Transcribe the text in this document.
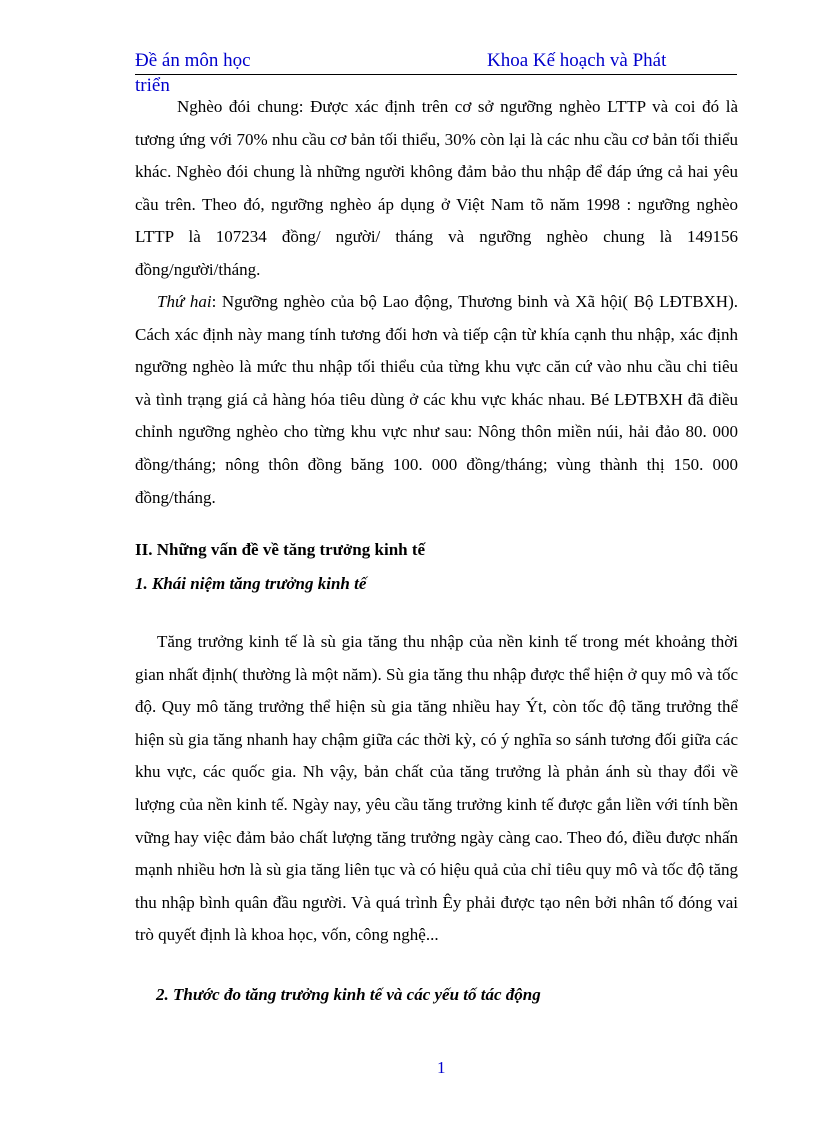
Đề án môn học	Khoa Kế hoạch và Phát
triển

Nghèo đói chung: Được xác định trên cơ sở ngưỡng nghèo LTTP và coi đó là tương ứng với 70% nhu cầu cơ bản tối thiểu, 30% còn lại là các nhu cầu cơ bản tối thiểu khác. Nghèo đói chung là những người không đảm bảo thu nhập để đáp ứng cả hai yêu cầu trên. Theo đó, ngưỡng nghèo áp dụng ở Việt Nam tõ năm 1998 : ngưỡng nghèo LTTP là 107234 đồng/ người/ tháng và ngưỡng nghèo chung là 149156 đồng/người/tháng.

Thứ hai: Ngưỡng nghèo của bộ Lao động, Thương binh và Xã hội( Bộ LĐTBXH). Cách xác định này mang tính tương đối hơn và tiếp cận từ khía cạnh thu nhập, xác định ngưỡng nghèo là mức thu nhập tối thiểu của từng khu vực căn cứ vào nhu cầu chi tiêu và tình trạng giá cả hàng hóa tiêu dùng ở các khu vực khác nhau. Bé LĐTBXH đã điều chỉnh ngưỡng nghèo cho từng khu vực như sau: Nông thôn miền núi, hải đảo 80. 000 đồng/tháng; nông thôn đồng băng 100. 000 đồng/tháng; vùng thành thị 150. 000 đồng/tháng.

II. Những vấn đề về tăng trưởng kinh tế
1. Khái niệm tăng trưởng kinh tế

Tăng trưởng kinh tế là sù gia tăng thu nhập của nền kinh tế trong mét khoảng thời gian nhất định( thường là một năm). Sù gia tăng thu nhập được thể hiện ở quy mô và tốc độ. Quy mô tăng trưởng thể hiện sù gia tăng nhiều hay Ýt, còn tốc độ tăng trưởng thể hiện sù gia tăng nhanh hay chậm giữa các thời kỳ, có ý nghĩa so sánh tương đối giữa các khu vực, các quốc gia. Nh vậy, bản chất của tăng trưởng là phản ánh sù thay đổi về lượng của nền kinh tế. Ngày nay, yêu cầu tăng trưởng kinh tế được gắn liền với tính bền vững hay việc đảm bảo chất lượng tăng trưởng ngày càng cao. Theo đó, điều được nhấn mạnh nhiều hơn là sù gia tăng liên tục và có hiệu quả của chỉ tiêu quy mô và tốc độ tăng thu nhập bình quân đầu người. Và quá trình Êy phải được tạo nên bởi nhân tố đóng vai trò quyết định là khoa học, vốn, công nghệ...

2. Thước đo tăng trưởng kinh tế và các yếu tố tác động
1
